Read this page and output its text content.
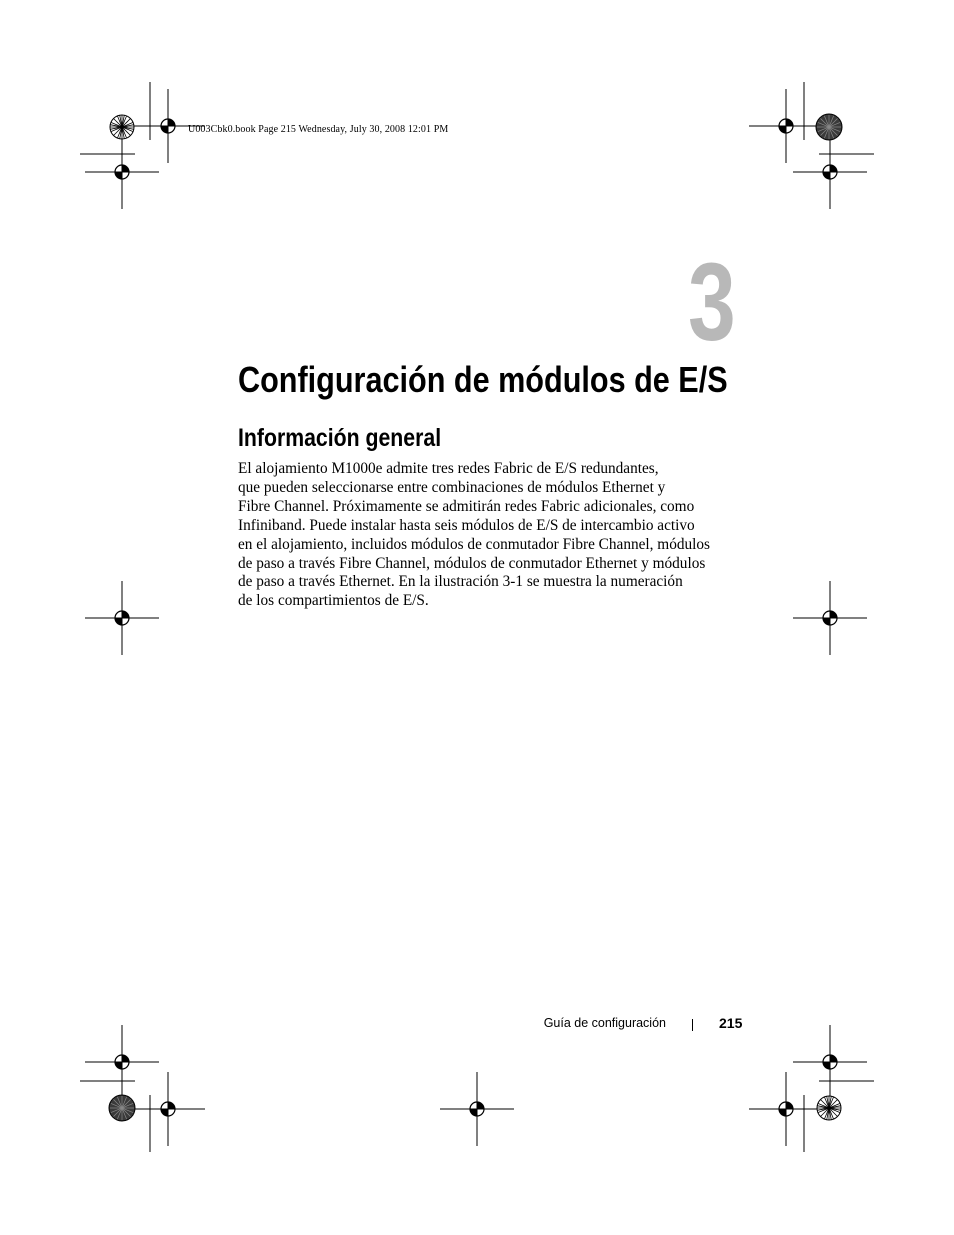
U003Cbk0.book Page 215 Wednesday, July 30, 2008 12:01 PM
3
Configuración de módulos de E/S
Información general

El alojamiento M1000e admite tres redes Fabric de E/S redundantes,
que pueden seleccionarse entre combinaciones de módulos Ethernet y
Fibre Channel. Próximamente se admitirán redes Fabric adicionales, como
Infiniband. Puede instalar hasta seis módulos de E/S de intercambio activo
en el alojamiento, incluidos módulos de conmutador Fibre Channel, módulos
de paso a través Fibre Channel, módulos de conmutador Ethernet y módulos
de paso a través Ethernet. En la ilustración 3-1 se muestra la numeración
de los compartimientos de E/S.

Guía de configuración	215
